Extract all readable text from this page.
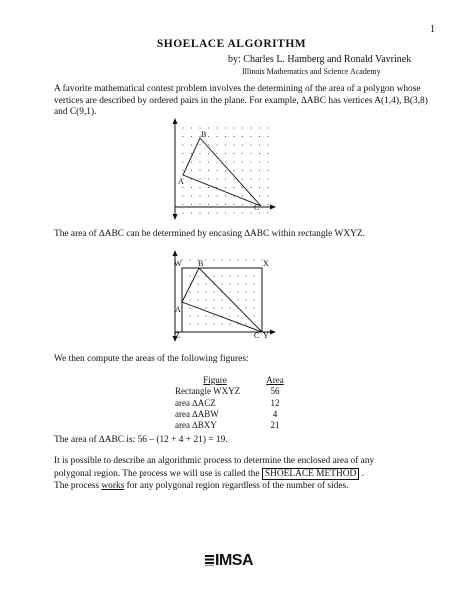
1
SHOELACE ALGORITHM
by: Charles L. Hamberg and Ronald Vavrinek
Illinois Mathematics and Science Academy
A favorite mathematical contest problem involves the determining of the area of a polygon whose vertices are described by ordered pairs in the plane. For example, ∆ABC has vertices A(1,4), B(3,8) and C(9,1).
A
B
C
The area of ∆ABC can be determined by encasing ∆ABC within rectangle WXYZ.
W B	X
A
Z	C Y
We then compute the areas of the following figures:
Figure	Area
Rectangle WXYZ	56
area ∆ACZ	12
area ∆ABW	4
area ∆BXY	21
The area of ∆ABC is: 56 – (12 + 4 + 21) = 19.
It is possible to describe an algorithmic process to determine the enclosed area of any
polygonal region. The process we will use is called the SHOELACE METHOD .
The process works for any polygonal region regardless of the number of sides.
IMSA
